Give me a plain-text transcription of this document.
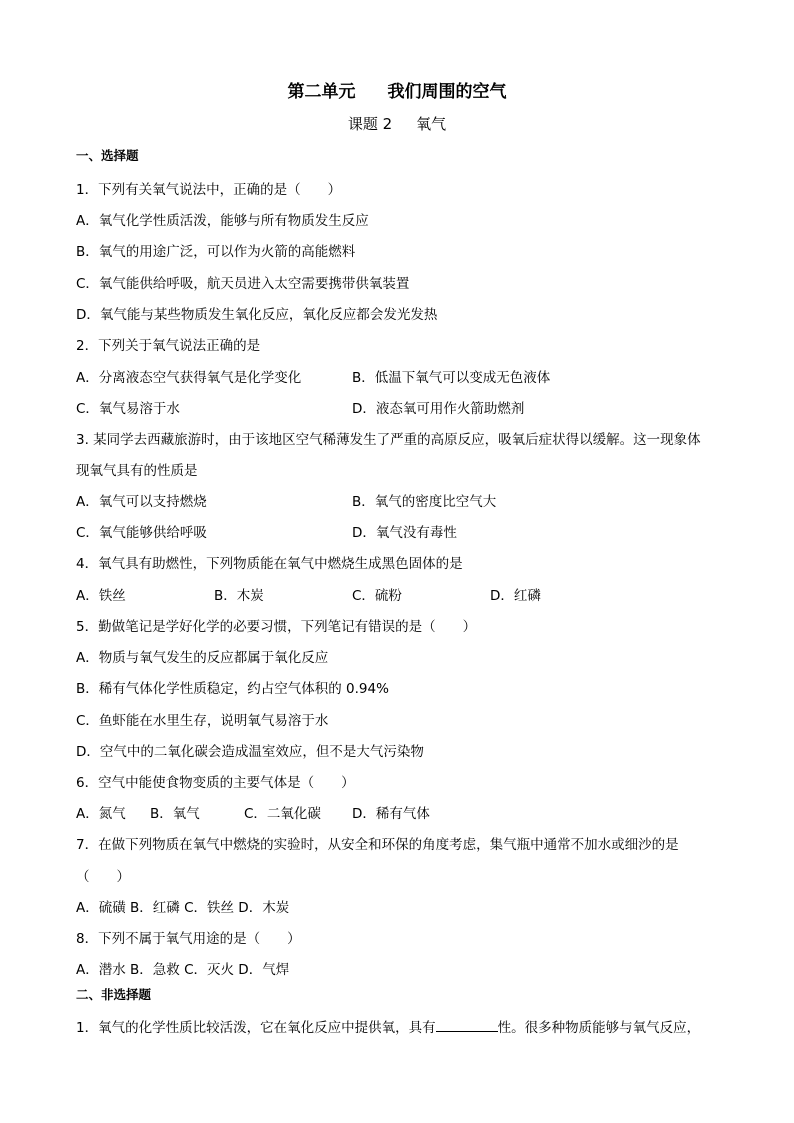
第二单元 我们周围的空气
课题 2 氧气
一、选择题
1．下列有关氧气说法中，正确的是（　　）
A．氧气化学性质活泼，能够与所有物质发生反应
B．氧气的用途广泛，可以作为火箭的高能燃料
C．氧气能供给呼吸，航天员进入太空需要携带供氧装置
D．氧气能与某些物质发生氧化反应，氧化反应都会发光发热
2．下列关于氧气说法正确的是
A．分离液态空气获得氧气是化学变化	B．低温下氧气可以变成无色液体
C．氧气易溶于水	D．液态氧可用作火箭助燃剂
3. 某同学去西藏旅游时，由于该地区空气稀薄发生了严重的高原反应，吸氧后症状得以缓解。这一现象体
现氧气具有的性质是
A．氧气可以支持燃烧	B．氧气的密度比空气大
C．氧气能够供给呼吸	D．氧气没有毒性
4．氧气具有助燃性，下列物质能在氧气中燃烧生成黑色固体的是
A．铁丝	B．木炭	C．硫粉	D．红磷
5．勤做笔记是学好化学的必要习惯，下列笔记有错误的是（　　）
A．物质与氧气发生的反应都属于氧化反应
B．稀有气体化学性质稳定，约占空气体积的 0.94%
C．鱼虾能在水里生存，说明氧气易溶于水
D．空气中的二氧化碳会造成温室效应，但不是大气污染物
6．空气中能使食物变质的主要气体是（　　）
A．氮气 B．氧气	C．二氧化碳 D．稀有气体
7．在做下列物质在氧气中燃烧的实验时，从安全和环保的角度考虑，集气瓶中通常不加水或细沙的是
（　　）
A．硫磺 B．红磷 C．铁丝 D．木炭
8．下列不属于氧气用途的是（　　）
A．潜水 B．急救 C．灭火 D．气焊
二、非选择题
1．氧气的化学性质比较活泼，它在氧化反应中提供氧，具有	性。很多种物质能够与氧气反应，
